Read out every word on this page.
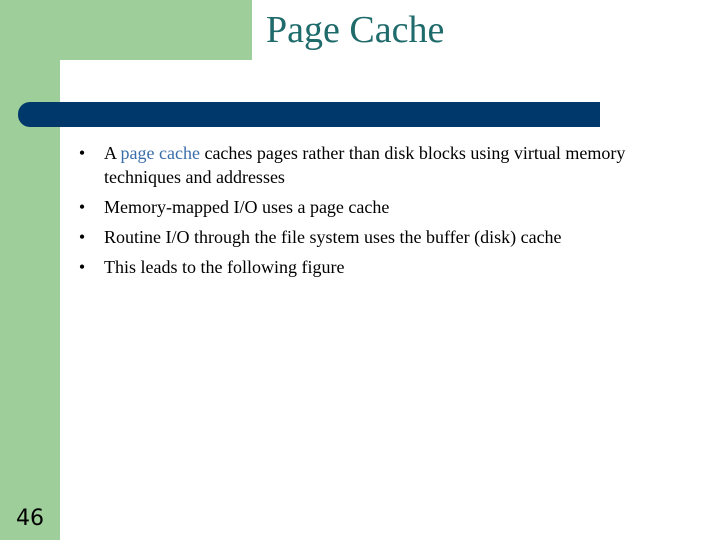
Page Cache
•	A page cache caches pages rather than disk blocks using virtual memory techniques and addresses
•	Memory-mapped I/O uses a page cache
•	Routine I/O through the file system uses the buffer (disk) cache
•	This leads to the following figure
46
